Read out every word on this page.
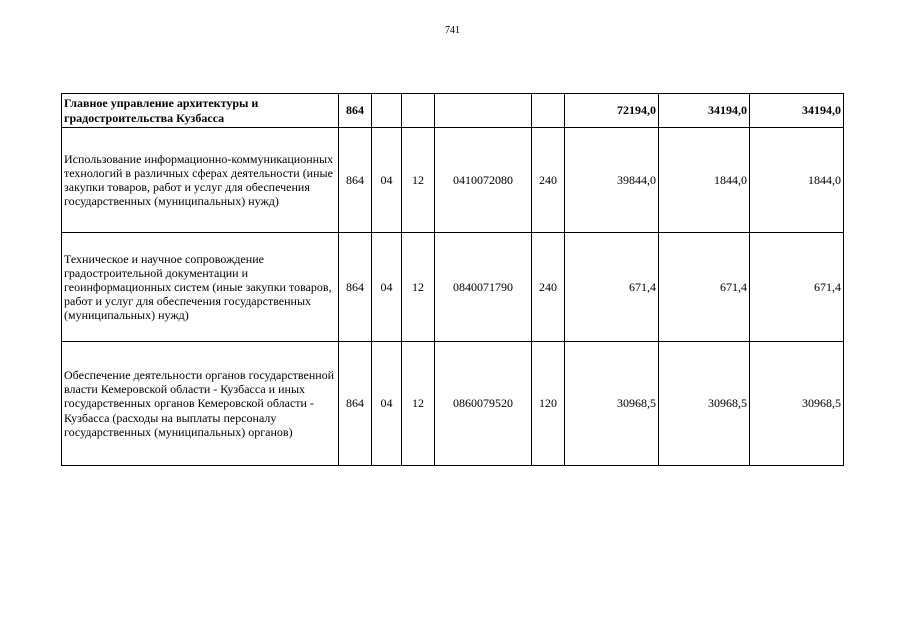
741
Главное управление архитектуры и градостроительства Кузбасса	864					72194,0	34194,0	34194,0
Использование информационно-коммуникационных технологий в различных сферах деятельности (иные закупки товаров, работ и услуг для обеспечения государственных (муниципальных) нужд)	864	04	12	0410072080	240	39844,0	1844,0	1844,0
Техническое и научное сопровождение градостроительной документации и геоинформационных систем (иные закупки товаров, работ и услуг для обеспечения государственных (муниципальных) нужд)	864	04	12	0840071790	240	671,4	671,4	671,4
Обеспечение деятельности органов государственной власти Кемеровской области - Кузбасса и иных государственных органов Кемеровской области - Кузбасса (расходы на выплаты персоналу государственных (муниципальных) органов)	864	04	12	0860079520	120	30968,5	30968,5	30968,5
